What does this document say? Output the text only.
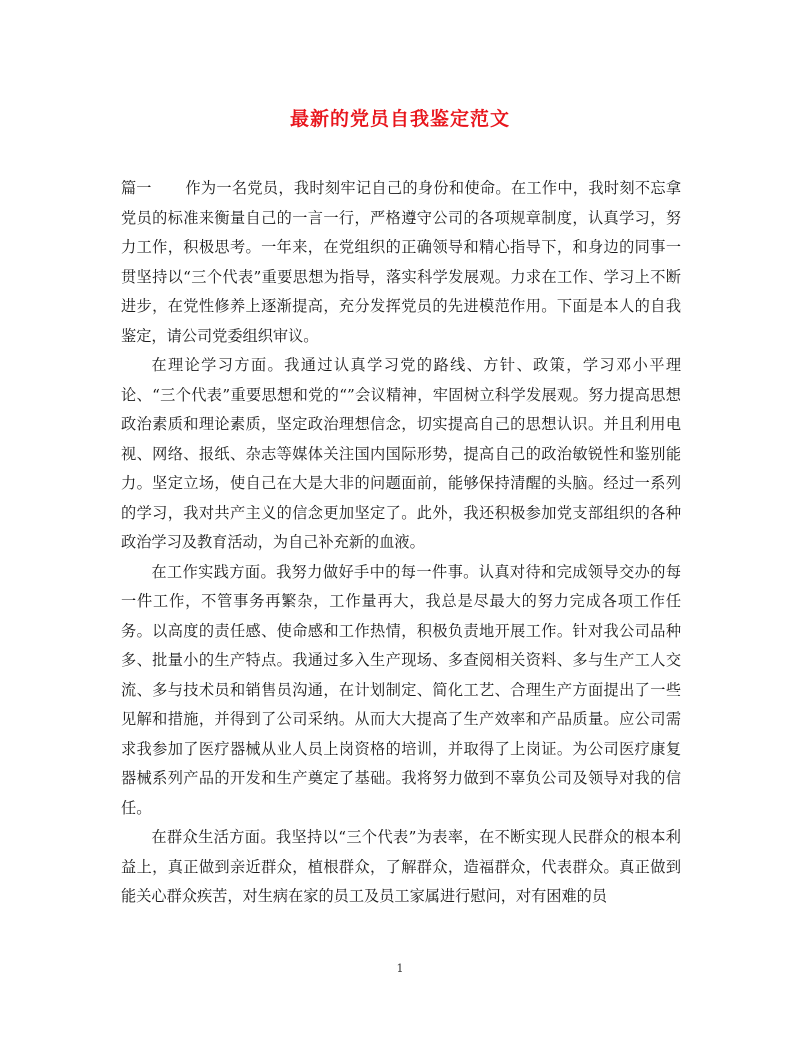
最新的党员自我鉴定范文

篇一 作为一名党员，我时刻牢记自己的身份和使命。在工作中，我时刻不忘拿党员的标准来衡量自己的一言一行，严格遵守公司的各项规章制度，认真学习，努力工作，积极思考。一年来，在党组织的正确领导和精心指导下，和身边的同事一贯坚持以“三个代表”重要思想为指导，落实科学发展观。力求在工作、学习上不断进步，在党性修养上逐渐提高，充分发挥党员的先进模范作用。下面是本人的自我鉴定，请公司党委组织审议。

在理论学习方面。我通过认真学习党的路线、方针、政策，学习邓小平理论、“三个代表”重要思想和党的“”会议精神，牢固树立科学发展观。努力提高思想政治素质和理论素质，坚定政治理想信念，切实提高自己的思想认识。并且利用电视、网络、报纸、杂志等媒体关注国内国际形势，提高自己的政治敏锐性和鉴别能力。坚定立场，使自己在大是大非的问题面前，能够保持清醒的头脑。经过一系列的学习，我对共产主义的信念更加坚定了。此外，我还积极参加党支部组织的各种政治学习及教育活动，为自己补充新的血液。

在工作实践方面。我努力做好手中的每一件事。认真对待和完成领导交办的每一件工作，不管事务再繁杂，工作量再大，我总是尽最大的努力完成各项工作任务。以高度的责任感、使命感和工作热情，积极负责地开展工作。针对我公司品种多、批量小的生产特点。我通过多入生产现场、多查阅相关资料、多与生产工人交流、多与技术员和销售员沟通，在计划制定、简化工艺、合理生产方面提出了一些见解和措施，并得到了公司采纳。从而大大提高了生产效率和产品质量。应公司需求我参加了医疗器械从业人员上岗资格的培训，并取得了上岗证。为公司医疗康复器械系列产品的开发和生产奠定了基础。我将努力做到不辜负公司及领导对我的信任。

在群众生活方面。我坚持以“三个代表”为表率，在不断实现人民群众的根本利益上，真正做到亲近群众，植根群众，了解群众，造福群众，代表群众。真正做到能关心群众疾苦，对生病在家的员工及员工家属进行慰问，对有困难的员

1
